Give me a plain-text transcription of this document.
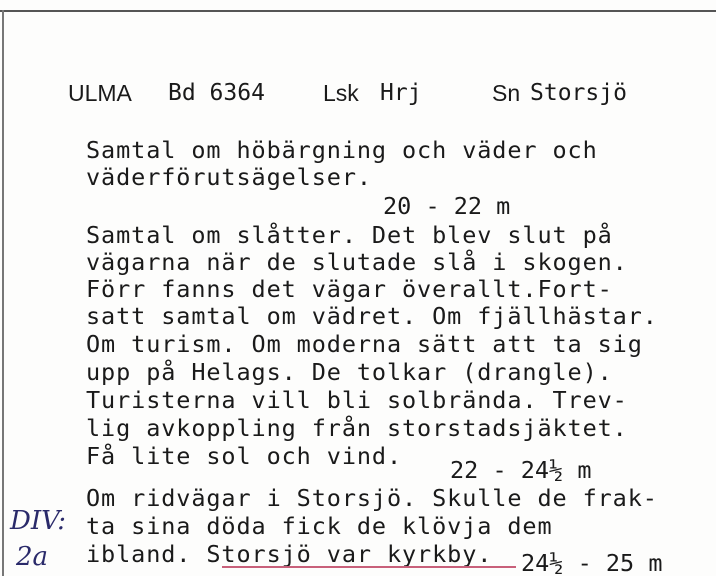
ULMA Bd 6364	Lsk Hrj	Sn Storsjö
Samtal om höbärgning och väder och
väderförutsägelser.
20 - 22 m
Samtal om slåtter. Det blev slut på
vägarna när de slutade slå i skogen.
Förr fanns det vägar överallt.Fort-
satt samtal om vädret. Om fjällhästar.
Om turism. Om moderna sätt att ta sig
upp på Helags. De tolkar (drangle).
Turisterna vill bli solbrända. Trev-
lig avkoppling från storstadsjäktet.
Få lite sol och vind. 22 - 24½ m
Om ridvägar i Storsjö. Skulle de frak-
ta sina döda fick de klövja dem
ibland. Storsjö var kyrkby. 24½ - 25 m
DIV:
2a
